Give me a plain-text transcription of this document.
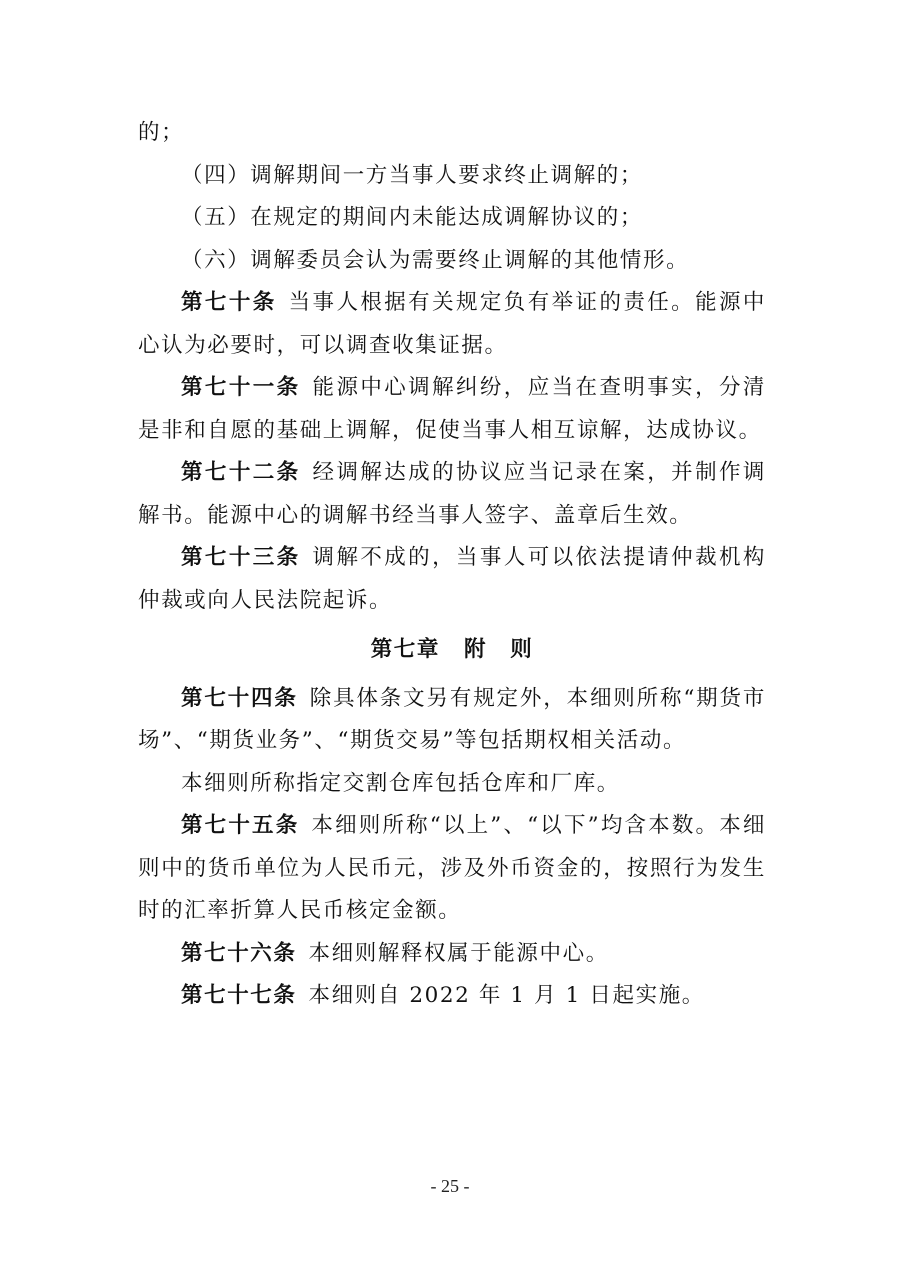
的；

（四）调解期间一方当事人要求终止调解的；

（五）在规定的期间内未能达成调解协议的；

（六）调解委员会认为需要终止调解的其他情形。

第七十条 当事人根据有关规定负有举证的责任。能源中心认为必要时，可以调查收集证据。

第七十一条 能源中心调解纠纷，应当在查明事实，分清是非和自愿的基础上调解，促使当事人相互谅解，达成协议。

第七十二条 经调解达成的协议应当记录在案，并制作调解书。能源中心的调解书经当事人签字、盖章后生效。

第七十三条 调解不成的，当事人可以依法提请仲裁机构仲裁或向人民法院起诉。

第七章 附　则

第七十四条 除具体条文另有规定外，本细则所称“期货市场”、“期货业务”、“期货交易”等包括期权相关活动。

本细则所称指定交割仓库包括仓库和厂库。

第七十五条 本细则所称“以上”、“以下”均含本数。本细则中的货币单位为人民币元，涉及外币资金的，按照行为发生时的汇率折算人民币核定金额。

第七十六条 本细则解释权属于能源中心。

第七十七条 本细则自 2022 年 1 月 1 日起实施。

- 25 -
